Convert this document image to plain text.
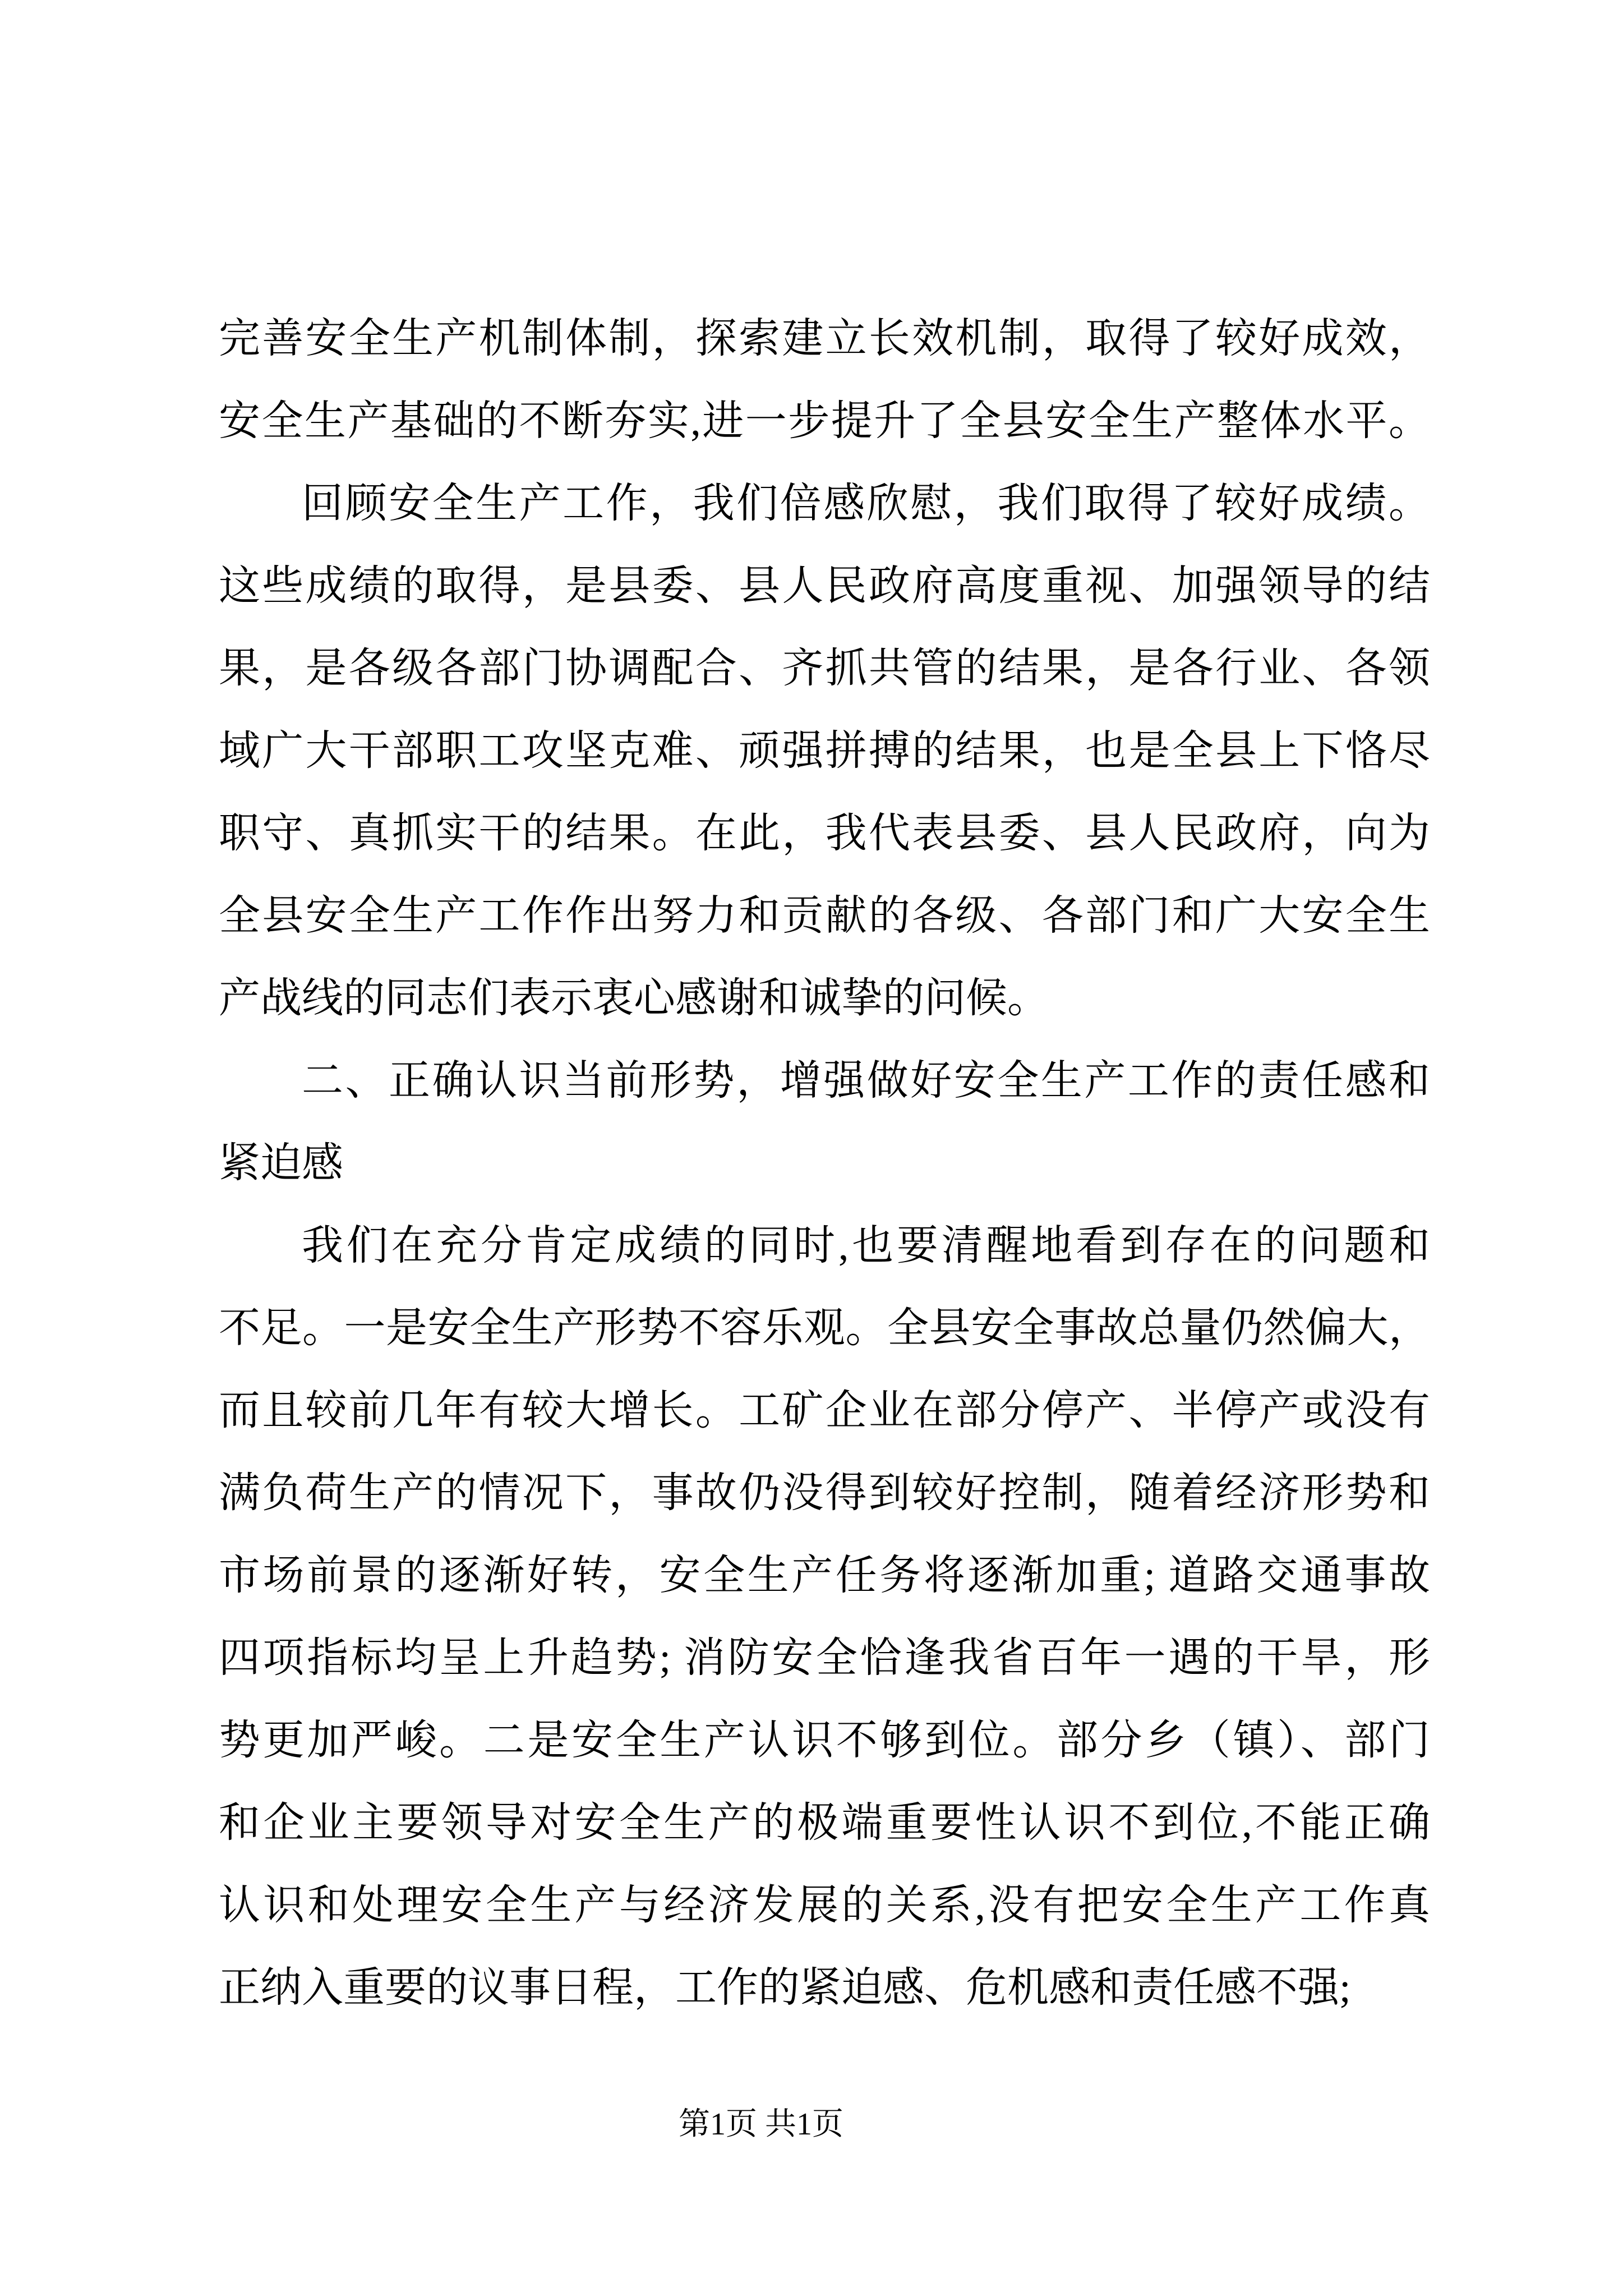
完善安全生产机制体制，探索建立长效机制，取得了较好成效，
安全生产基础的不断夯实,进一步提升了全县安全生产整体水平。
回顾安全生产工作，我们倍感欣慰，我们取得了较好成绩。
这些成绩的取得，是县委、县人民政府高度重视、加强领导的结
果，是各级各部门协调配合、齐抓共管的结果，是各行业、各领
域广大干部职工攻坚克难、顽强拼搏的结果，也是全县上下恪尽
职守、真抓实干的结果。在此，我代表县委、县人民政府，向为
全县安全生产工作作出努力和贡献的各级、各部门和广大安全生
产战线的同志们表示衷心感谢和诚挚的问候。
二、正确认识当前形势，增强做好安全生产工作的责任感和
紧迫感
我们在充分肯定成绩的同时,也要清醒地看到存在的问题和
不足。一是安全生产形势不容乐观。全县安全事故总量仍然偏大，
而且较前几年有较大增长。工矿企业在部分停产、半停产或没有
满负荷生产的情况下，事故仍没得到较好控制，随着经济形势和
市场前景的逐渐好转，安全生产任务将逐渐加重; 道路交通事故
四项指标均呈上升趋势; 消防安全恰逢我省百年一遇的干旱，形
势更加严峻。二是安全生产认识不够到位。部分乡（镇）、部门
和企业主要领导对安全生产的极端重要性认识不到位,不能正确
认识和处理安全生产与经济发展的关系,没有把安全生产工作真
正纳入重要的议事日程，工作的紧迫感、危机感和责任感不强;
第1页 共1页
